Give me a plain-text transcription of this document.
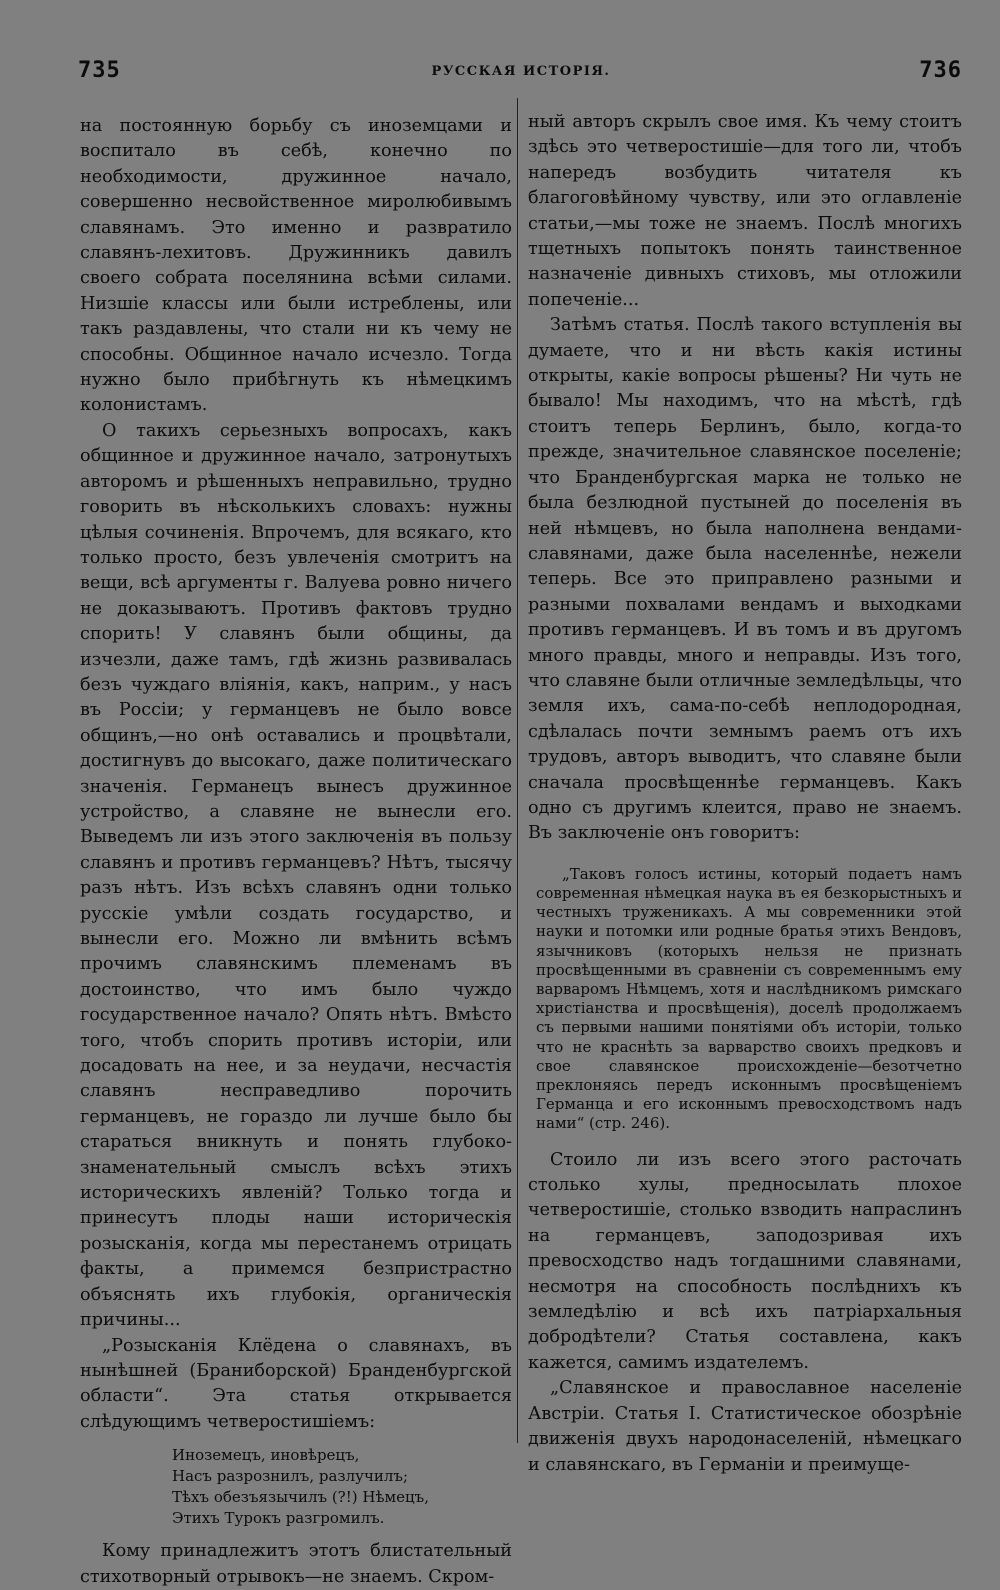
735	РУССКАЯ ИСТОРІЯ.	736

на постоянную борьбу съ иноземцами и воспитало въ себѣ, конечно по необходимости, дружинное начало, совершенно несвойственное миролюбивымъ славянамъ. Это именно и развратило славянъ-лехитовъ. Дружинникъ давилъ своего собрата поселянина всѣми силами. Низшіе классы или были истреблены, или такъ раздавлены, что стали ни къ чему не способны. Общинное начало исчезло. Тогда нужно было прибѣгнуть къ нѣмецкимъ колонистамъ.

О такихъ серьезныхъ вопросахъ, какъ общинное и дружинное начало, затронутыхъ авторомъ и рѣшенныхъ неправильно, трудно говорить въ нѣсколькихъ словахъ: нужны цѣлыя сочиненія. Впрочемъ, для всякаго, кто только просто, безъ увлеченія смотритъ на вещи, всѣ аргументы г. Валуева ровно ничего не доказываютъ. Противъ фактовъ трудно спорить! У славянъ были общины, да изчезли, даже тамъ, гдѣ жизнь развивалась безъ чуждаго вліянія, какъ, наприм., у насъ въ Россіи; у германцевъ не было вовсе общинъ,—но онѣ оставались и процвѣтали, достигнувъ до высокаго, даже политическаго значенія. Германецъ вынесъ дружинное устройство, а славяне не вынесли его. Выведемъ ли изъ этого заключенія въ пользу славянъ и противъ германцевъ? Нѣтъ, тысячу разъ нѣтъ. Изъ всѣхъ славянъ одни только русскіе умѣли создать государство, и вынесли его. Можно ли вмѣнить всѣмъ прочимъ славянскимъ племенамъ въ достоинство, что имъ было чуждо государственное начало? Опять нѣтъ. Вмѣсто того, чтобъ спорить противъ исторіи, или досадовать на нее, и за неудачи, несчастія славянъ несправедливо порочить германцевъ, не гораздо ли лучше было бы стараться вникнуть и понять глубоко-знаменательный смыслъ всѣхъ этихъ историческихъ явленій? Только тогда и принесутъ плоды наши историческія розысканія, когда мы перестанемъ отрицать факты, а примемся безпристрастно объяснять ихъ глубокія, органическія причины...

„Розысканія Клёдена о славянахъ, въ нынѣшней (Браниборской) Бранденбургской области“. Эта статья открывается слѣдующимъ четверостишіемъ:

Иноземецъ, иновѣрецъ,
Насъ разрознилъ, разлучилъ;
Тѣхъ обезъязычилъ (?!) Нѣмецъ,
Этихъ Турокъ разгромилъ.

Кому принадлежитъ этотъ блистательный стихотворный отрывокъ—не знаемъ. Скром-

ный авторъ скрылъ свое имя. Къ чему стоитъ здѣсь это четверостишіе—для того ли, чтобъ напередъ возбудить читателя къ благоговѣйному чувству, или это оглавленіе статьи,—мы тоже не знаемъ. Послѣ многихъ тщетныхъ попытокъ понять таинственное назначеніе дивныхъ стиховъ, мы отложили попеченіе...

Затѣмъ статья. Послѣ такого вступленія вы думаете, что и ни вѣсть какія истины открыты, какіе вопросы рѣшены? Ни чуть не бывало! Мы находимъ, что на мѣстѣ, гдѣ стоитъ теперь Берлинъ, было, когда-то прежде, значительное славянское поселеніе; что Бранденбургская марка не только не была безлюдной пустыней до поселенія въ ней нѣмцевъ, но была наполнена вендами-славянами, даже была населеннѣе, нежели теперь. Все это приправлено разными и разными похвалами вендамъ и выходками противъ германцевъ. И въ томъ и въ другомъ много правды, много и неправды. Изъ того, что славяне были отличные земледѣльцы, что земля ихъ, сама-по-себѣ неплодородная, сдѣлалась почти земнымъ раемъ отъ ихъ трудовъ, авторъ выводитъ, что славяне были сначала просвѣщеннѣе германцевъ. Какъ одно съ другимъ клеится, право не знаемъ. Въ заключеніе онъ говоритъ:

„Таковъ голосъ истины, который подаетъ намъ современная нѣмецкая наука въ ея безкорыстныхъ и честныхъ труженикахъ. А мы современники этой науки и потомки или родные братья этихъ Вендовъ, язычниковъ (которыхъ нельзя не признать просвѣщенными въ сравненіи съ современнымъ ему варваромъ Нѣмцемъ, хотя и наслѣдникомъ римскаго христіанства и просвѣщенія), доселѣ продолжаемъ съ первыми нашими понятіями объ исторіи, только что не краснѣть за варварство своихъ предковъ и свое славянское происхожденіе—безотчетно преклоняясь передъ исконнымъ просвѣщеніемъ Германца и его исконнымъ превосходствомъ надъ нами“ (стр. 246).

Стоило ли изъ всего этого расточать столько хулы, предносылать плохое четверостишіе, столько взводить напраслинъ на германцевъ, заподозривая ихъ превосходство надъ тогдашними славянами, несмотря на способность послѣднихъ къ земледѣлію и всѣ ихъ патріархальныя добродѣтели? Статья составлена, какъ кажется, самимъ издателемъ.

„Славянское и православное населеніе Австріи. Статья I. Статистическое обозрѣніе движенія двухъ народонаселеній, нѣмецкаго и славянскаго, въ Германіи и преимуще-
